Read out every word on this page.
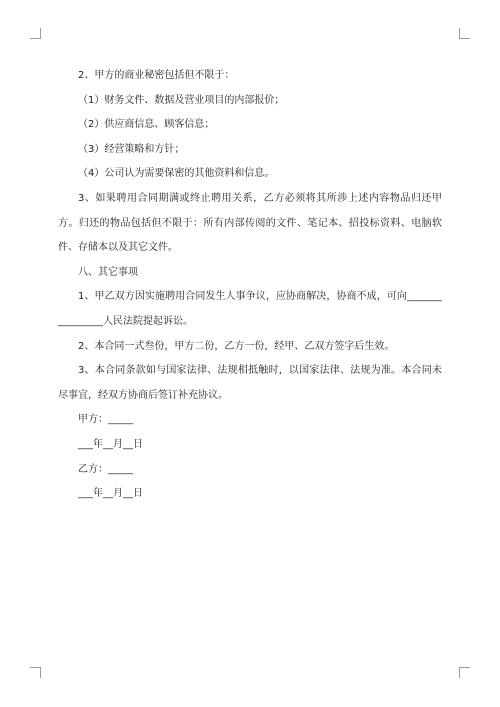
2、甲方的商业秘密包括但不限于：

（1）财务文件、数据及营业项目的内部报价；

（2）供应商信息、顾客信息；

（3）经营策略和方针；

（4）公司认为需要保密的其他资料和信息。

3、如果聘用合同期满或终止聘用关系，乙方必须将其所涉上述内容物品归还甲方。归还的物品包括但不限于：所有内部传阅的文件、笔记本、招投标资料、电脑软件、存储本以及其它文件。

八、其它事项

1、甲乙双方因实施聘用合同发生人事争议，应协商解决，协商不成，可向________________人民法院提起诉讼。

2、本合同一式叁份，甲方二份，乙方一份，经甲、乙双方签字后生效。

3、本合同条款如与国家法律、法规相抵触时，以国家法律、法规为准。本合同未尽事宜，经双方协商后签订补充协议。

甲方：_____

___年__月__日

乙方：_____

___年__月__日
